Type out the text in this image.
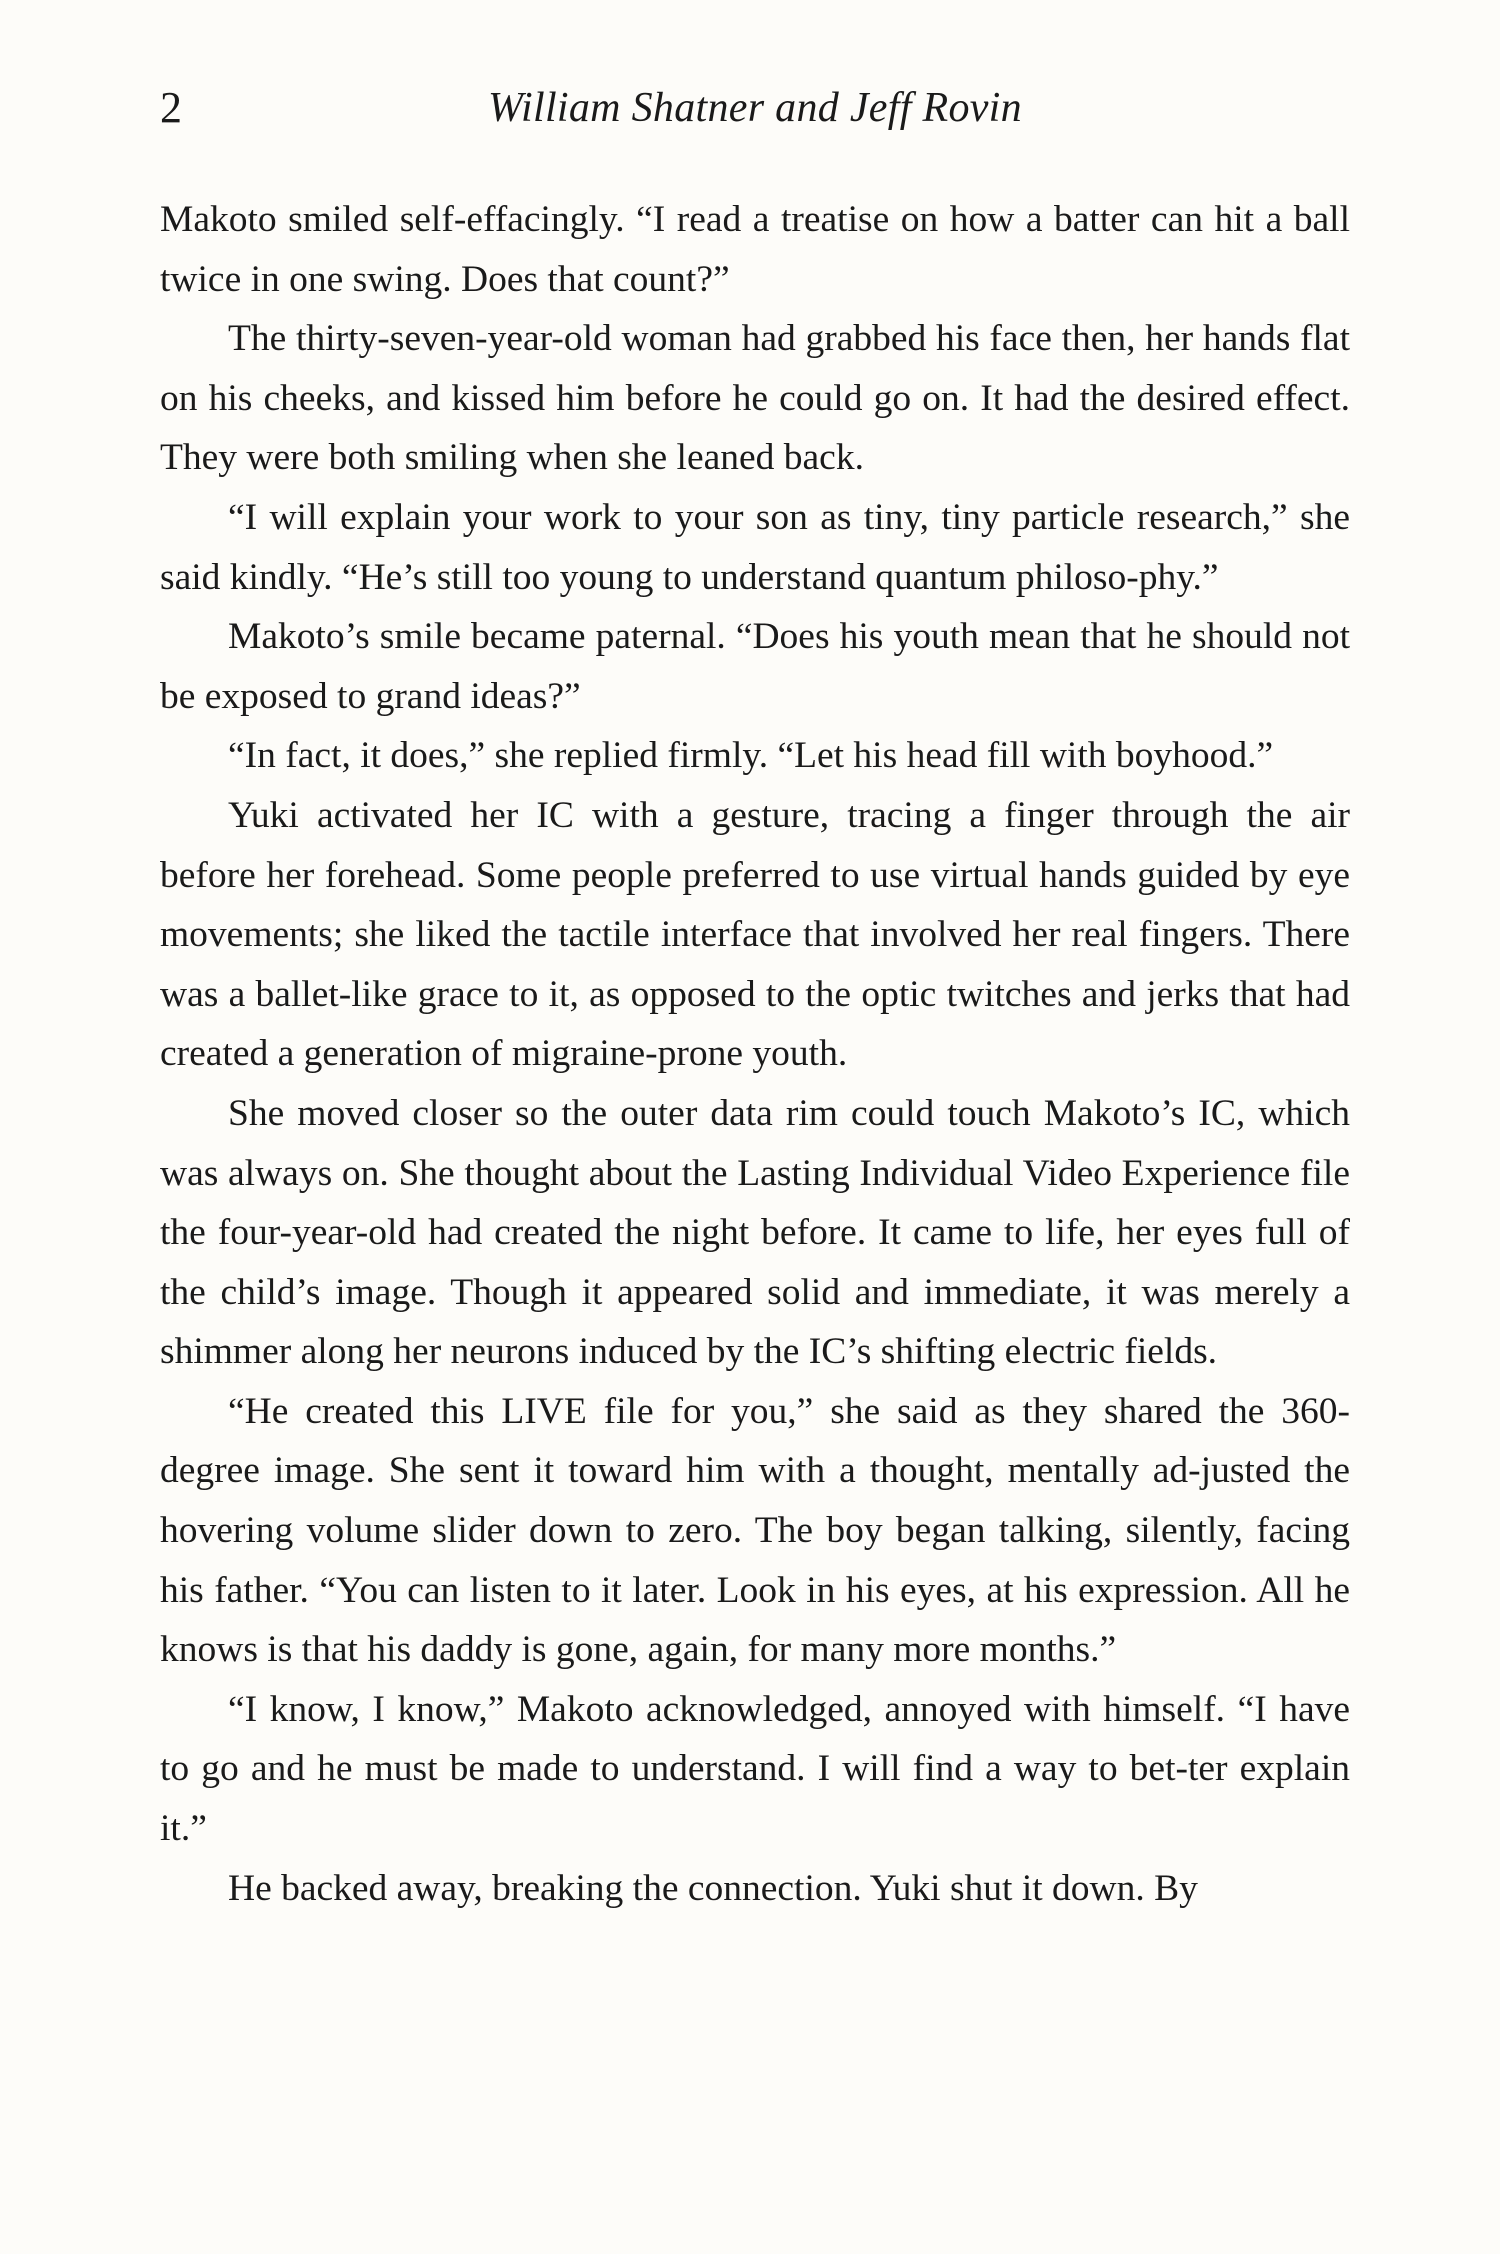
2	William Shatner and Jeff Rovin

Makoto smiled self-effacingly. “I read a treatise on how a batter can hit a ball twice in one swing. Does that count?”

The thirty-seven-year-old woman had grabbed his face then, her hands flat on his cheeks, and kissed him before he could go on. It had the desired effect. They were both smiling when she leaned back.

“I will explain your work to your son as tiny, tiny particle research,” she said kindly. “He’s still too young to understand quantum philoso-phy.”

Makoto’s smile became paternal. “Does his youth mean that he should not be exposed to grand ideas?”

“In fact, it does,” she replied firmly. “Let his head fill with boyhood.”

Yuki activated her IC with a gesture, tracing a finger through the air before her forehead. Some people preferred to use virtual hands guided by eye movements; she liked the tactile interface that involved her real fingers. There was a ballet-like grace to it, as opposed to the optic twitches and jerks that had created a generation of migraine-prone youth.

She moved closer so the outer data rim could touch Makoto’s IC, which was always on. She thought about the Lasting Individual Video Experience file the four-year-old had created the night before. It came to life, her eyes full of the child’s image. Though it appeared solid and immediate, it was merely a shimmer along her neurons induced by the IC’s shifting electric fields.

“He created this LIVE file for you,” she said as they shared the 360-degree image. She sent it toward him with a thought, mentally ad-justed the hovering volume slider down to zero. The boy began talking, silently, facing his father. “You can listen to it later. Look in his eyes, at his expression. All he knows is that his daddy is gone, again, for many more months.”

“I know, I know,” Makoto acknowledged, annoyed with himself. “I have to go and he must be made to understand. I will find a way to bet-ter explain it.”

He backed away, breaking the connection. Yuki shut it down. By
